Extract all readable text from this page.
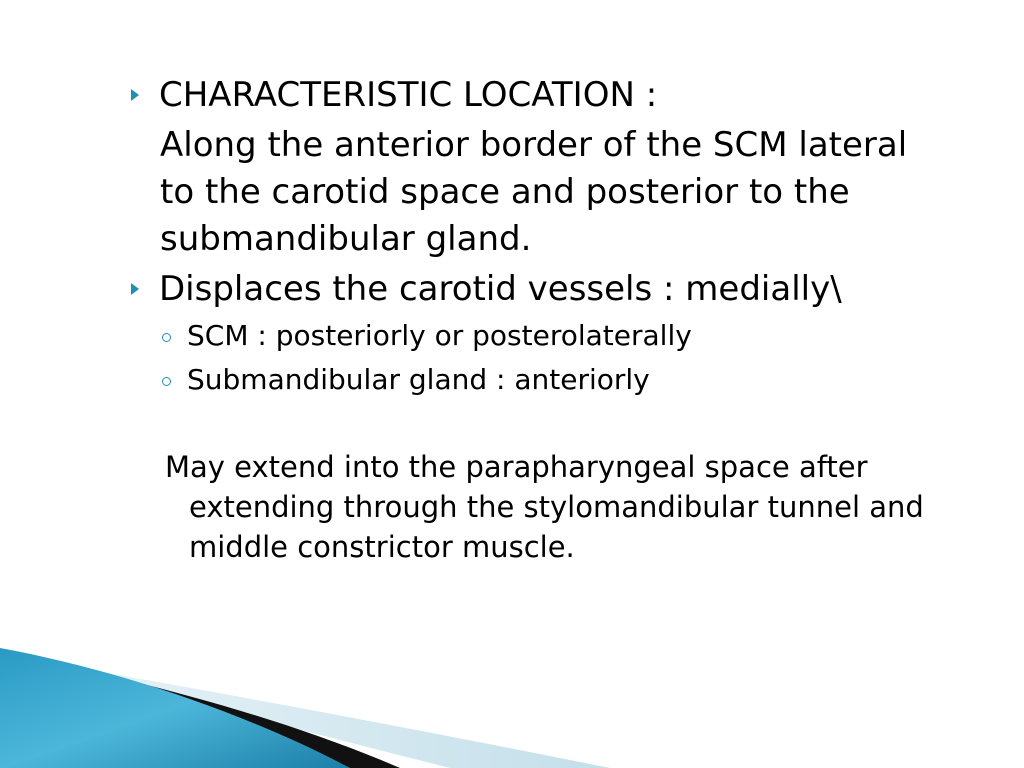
CHARACTERISTIC LOCATION :
Along the anterior border of the SCM lateral
to the carotid space and posterior to the
submandibular gland.
Displaces the carotid vessels : medially\
SCM : posteriorly or posterolaterally
Submandibular gland : anteriorly
May extend into the parapharyngeal space after
extending through the stylomandibular tunnel and
middle constrictor muscle.
